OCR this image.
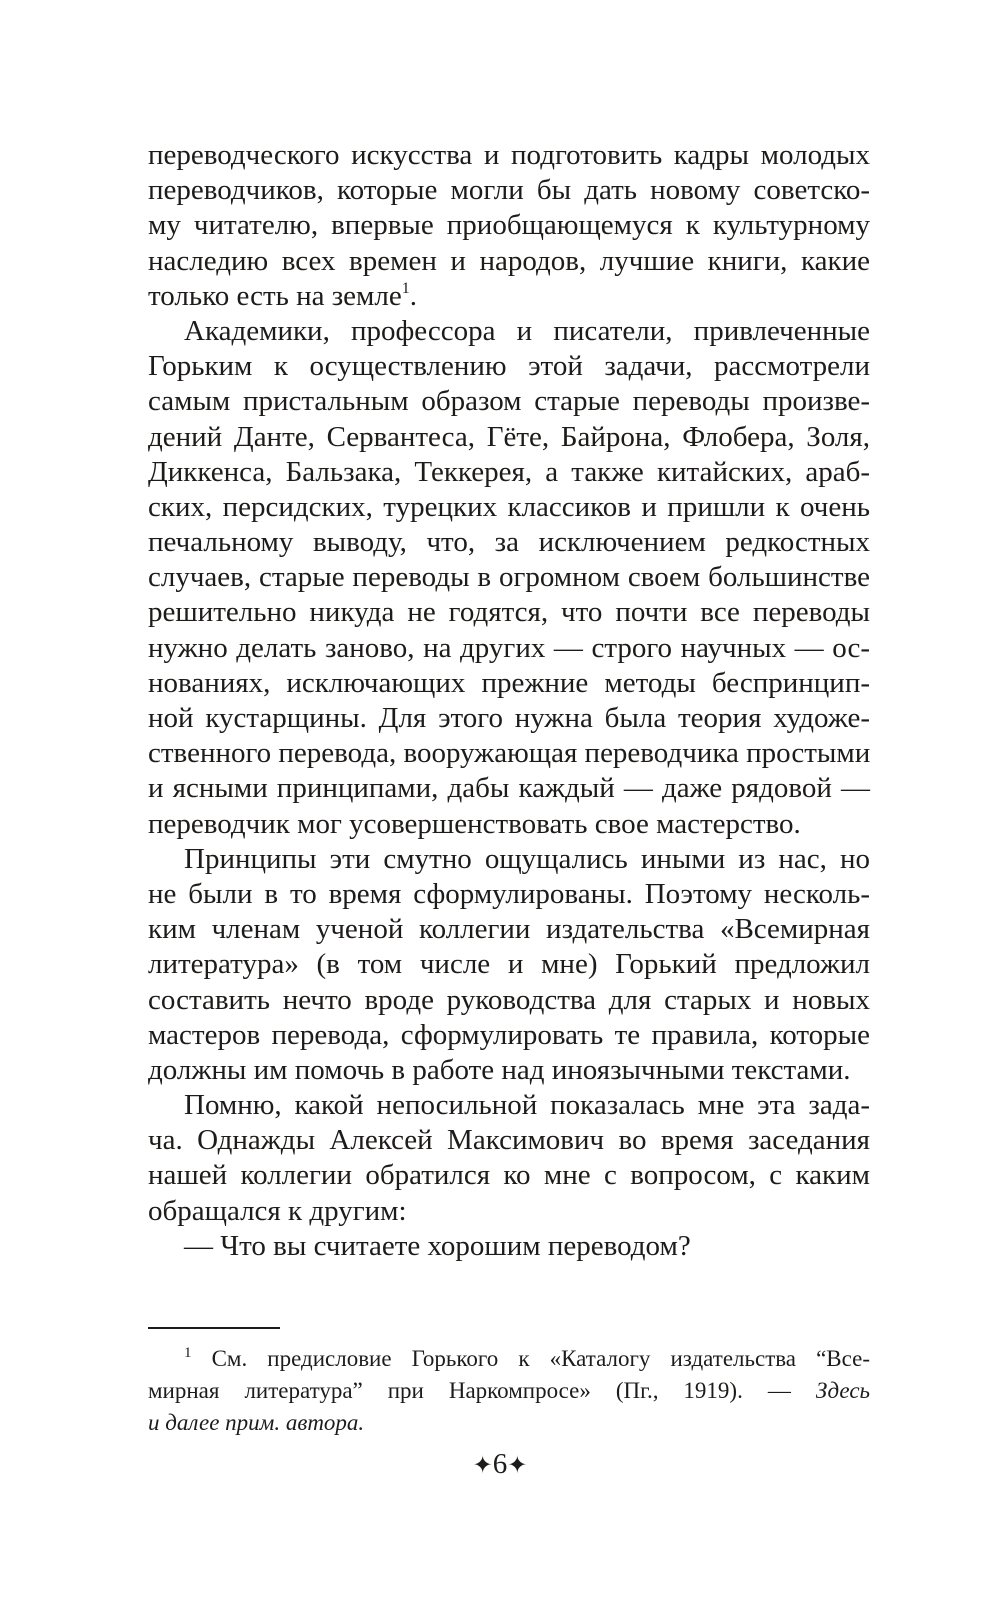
переводческого искусства и подготовить кадры молодых
переводчиков, которые могли бы дать новому советско-
му читателю, впервые приобщающемуся к культурному
наследию всех времен и народов, лучшие книги, какие
только есть на земле$^1$.
Академики, профессора и писатели, привлеченные
Горьким к осуществлению этой задачи, рассмотрели
самым пристальным образом старые переводы произве-
дений Данте, Сервантеса, Гёте, Байрона, Флобера, Золя,
Диккенса, Бальзака, Теккерея, а также китайских, араб-
ских, персидских, турецких классиков и пришли к очень
печальному выводу, что, за исключением редкостных
случаев, старые переводы в огромном своем большинстве
решительно никуда не годятся, что почти все переводы
нужно делать заново, на других — строго научных — ос-
нованиях, исключающих прежние методы беспринцип-
ной кустарщины. Для этого нужна была теория художе-
ственного перевода, вооружающая переводчика простыми
и ясными принципами, дабы каждый — даже рядовой —
переводчик мог усовершенствовать свое мастерство.
Принципы эти смутно ощущались иными из нас, но
не были в то время сформулированы. Поэтому несколь-
ким членам ученой коллегии издательства «Всемирная
литература» (в том числе и мне) Горький предложил
составить нечто вроде руководства для старых и новых
мастеров перевода, сформулировать те правила, которые
должны им помочь в работе над иноязычными текстами.
Помню, какой непосильной показалась мне эта зада-
ча. Однажды Алексей Максимович во время заседания
нашей коллегии обратился ко мне с вопросом, с каким
обращался к другим:
— Что вы считаете хорошим переводом?
$^1$ См. предисловие Горького к «Каталогу издательства “Все-
мирная литература” при Наркомпросе» (Пг., 1919). — Здесь
и далее прим. автора.
✦6✦
